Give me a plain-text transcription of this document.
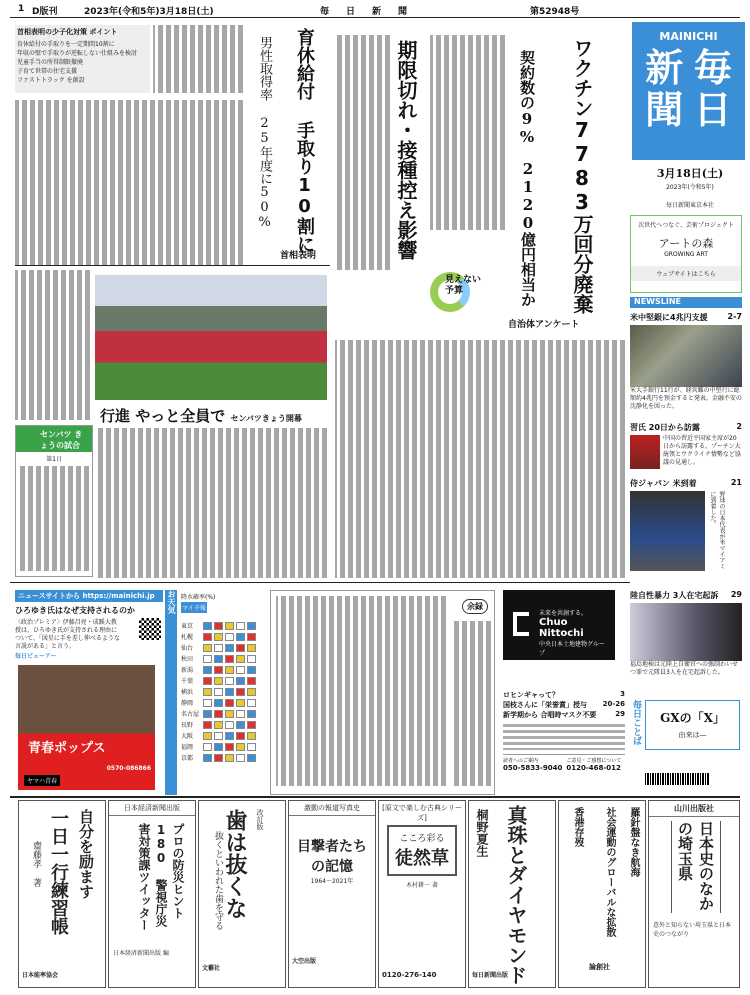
1 D版刊	2023年(令和5年)3月18日(土)	毎　日　新　聞	第52948号
MAINICHI
毎
新
日
聞
3月18日(土)
2023年(令和5年)
毎日新聞東京本社
次世代へつなぐ、芸術プロジェクト
アートの森
GROWING ART
ウェブサイトはこちら
NEWSLINE
米中堅銀に4兆円支援 2-7
米大手銀行11行が、経営難の中堅行に総額約4兆円を預金すると発表。金融不安の沈静化を図った。
習氏 20日から訪露	2
中国の習近平国家主席が20日から訪露する。プーチン大統領とウクライナ情勢など協議の見通し。
侍ジャパン 米到着	21
野球の日本代表が米マイアミに到着した。
陸自性暴力 3人在宅起訴 29
福島地検は元陸上自衛官への強制わいせつ罪で元隊員3人を在宅起訴した。
毎日ことば	GXの「X」
由来は—
首相表明の少子化対策 ポイント
育休給付の手取りを一定期間10割に
年収の壁で手取りが逆転しない仕組みを検討
児童手当の所得制限撤廃
子育て世帯の住宅支援
ファストトラック を創設	育休給付 手取り10割に
男性取得率 25年度に50%
首相表明
行進 やっと全員で センバツきょう開幕
センバツ きょうの試合
第1日
ワクチン7783万回分廃棄
契約数の9%
2120億円相当か
自治体アンケート
期限切れ・接種控え影響
見えない予算
ニュースサイトから https://mainichi.jp
ひろゆき氏はなぜ支持されるのか
〈政治プレミア〉伊藤昌亮・成蹊大教授は、ひろゆき氏が支持される理由について、「図星に手を差し伸べるような言説がある」と言う。
毎日ビューアー
青春ポップス
ヤマハ青春
0570-086866
お天気 降水確率(%)
マイ予報
東京
札幌
仙台
秋田
新潟
千葉
横浜
静岡
名古屋
長野
大阪
福岡
京都
余録
未来を共創する。
Chuo Nittochi
中央日本土地建物グループ
ロヒンギャって？	3
国枝さんに「栄誉賞」授与 20-26
新学期から 合唱時マスク不要	29
読者へのご案内
050-5833-9040
ご意見・ご感想について
0120-468-012
自分を励ます
一日一行練習帳
齋藤孝 著
日本能率協会
日本経済新聞出版
プロの防災ヒント180 警視庁災害対策課ツイッター
日本経済新聞出版 編
改訂版
歯は抜くな
抜くといわれた歯を守る
文藝社
激動の報道写真史
目撃者たちの記憶
1964〜2021年
大空出版
[原文で楽しむ古典シリーズ]
こころ彩る
徒然草
木村耕一 著
0120-276-140	真珠とダイヤモンド
桐野夏生
毎日新聞出版
羅針盤なき航海
社会運動のグローバルな拡散
香港存歿
論創社
山川出版社
日本史のなかの埼玉県
意外と知らない埼玉県と日本史のつながり
